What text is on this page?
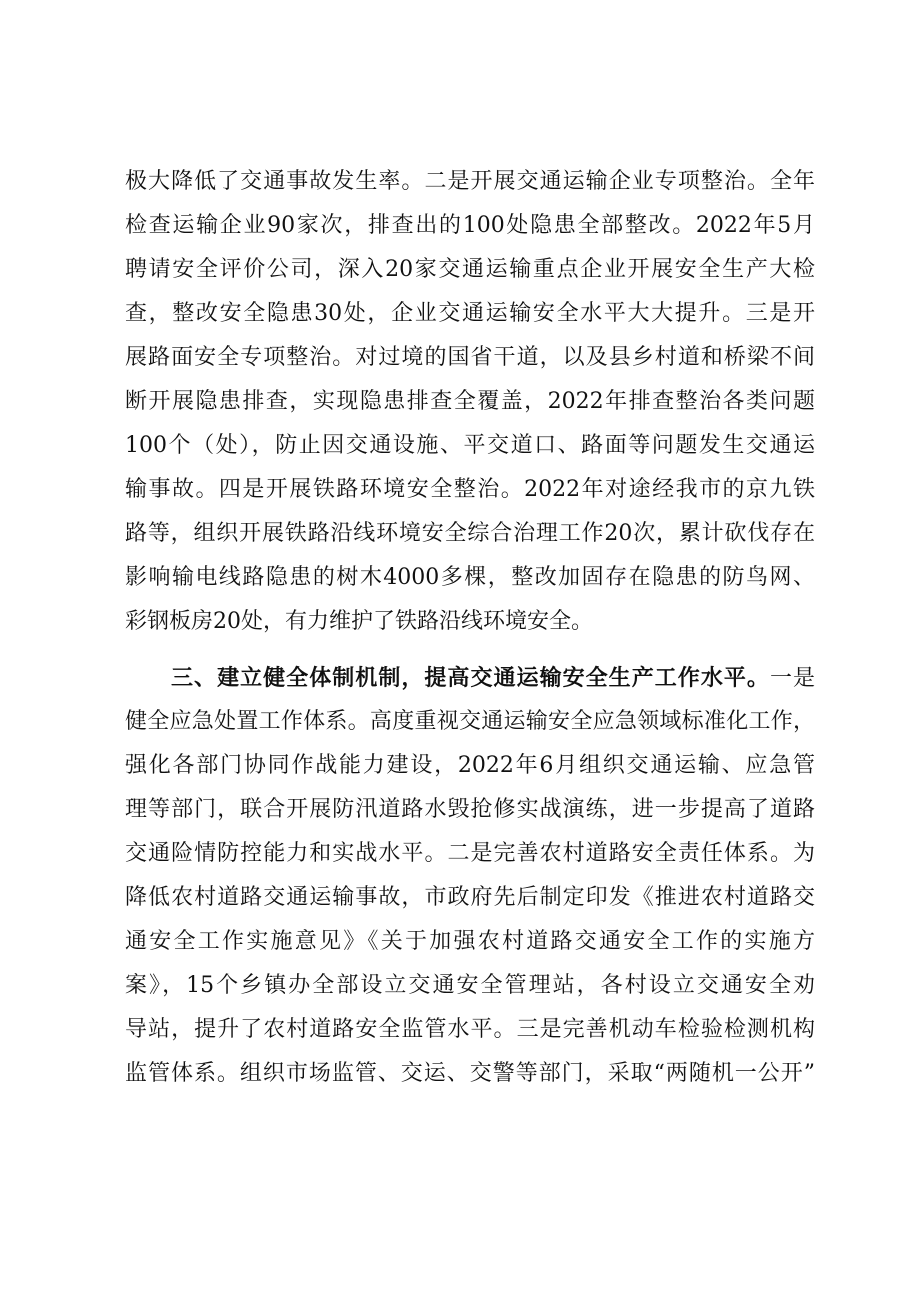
极大降低了交通事故发生率。二是开展交通运输企业专项整治。全年
检查运输企业90家次，排查出的100处隐患全部整改。2022年5月
聘请安全评价公司，深入20家交通运输重点企业开展安全生产大检
查，整改安全隐患30处，企业交通运输安全水平大大提升。三是开
展路面安全专项整治。对过境的国省干道，以及县乡村道和桥梁不间
断开展隐患排查，实现隐患排查全覆盖，2022年排查整治各类问题
100个（处），防止因交通设施、平交道口、路面等问题发生交通运
输事故。四是开展铁路环境安全整治。2022年对途经我市的京九铁
路等，组织开展铁路沿线环境安全综合治理工作20次，累计砍伐存在
影响输电线路隐患的树木4000多棵，整改加固存在隐患的防鸟网、
彩钢板房20处，有力维护了铁路沿线环境安全。
三、建立健全体制机制，提高交通运输安全生产工作水平。一是
健全应急处置工作体系。高度重视交通运输安全应急领域标准化工作，
强化各部门协同作战能力建设，2022年6月组织交通运输、应急管
理等部门，联合开展防汛道路水毁抢修实战演练，进一步提高了道路
交通险情防控能力和实战水平。二是完善农村道路安全责任体系。为
降低农村道路交通运输事故，市政府先后制定印发《推进农村道路交
通安全工作实施意见》《关于加强农村道路交通安全工作的实施方
案》，15个乡镇办全部设立交通安全管理站，各村设立交通安全劝
导站，提升了农村道路安全监管水平。三是完善机动车检验检测机构
监管体系。组织市场监管、交运、交警等部门，采取“两随机一公开”
